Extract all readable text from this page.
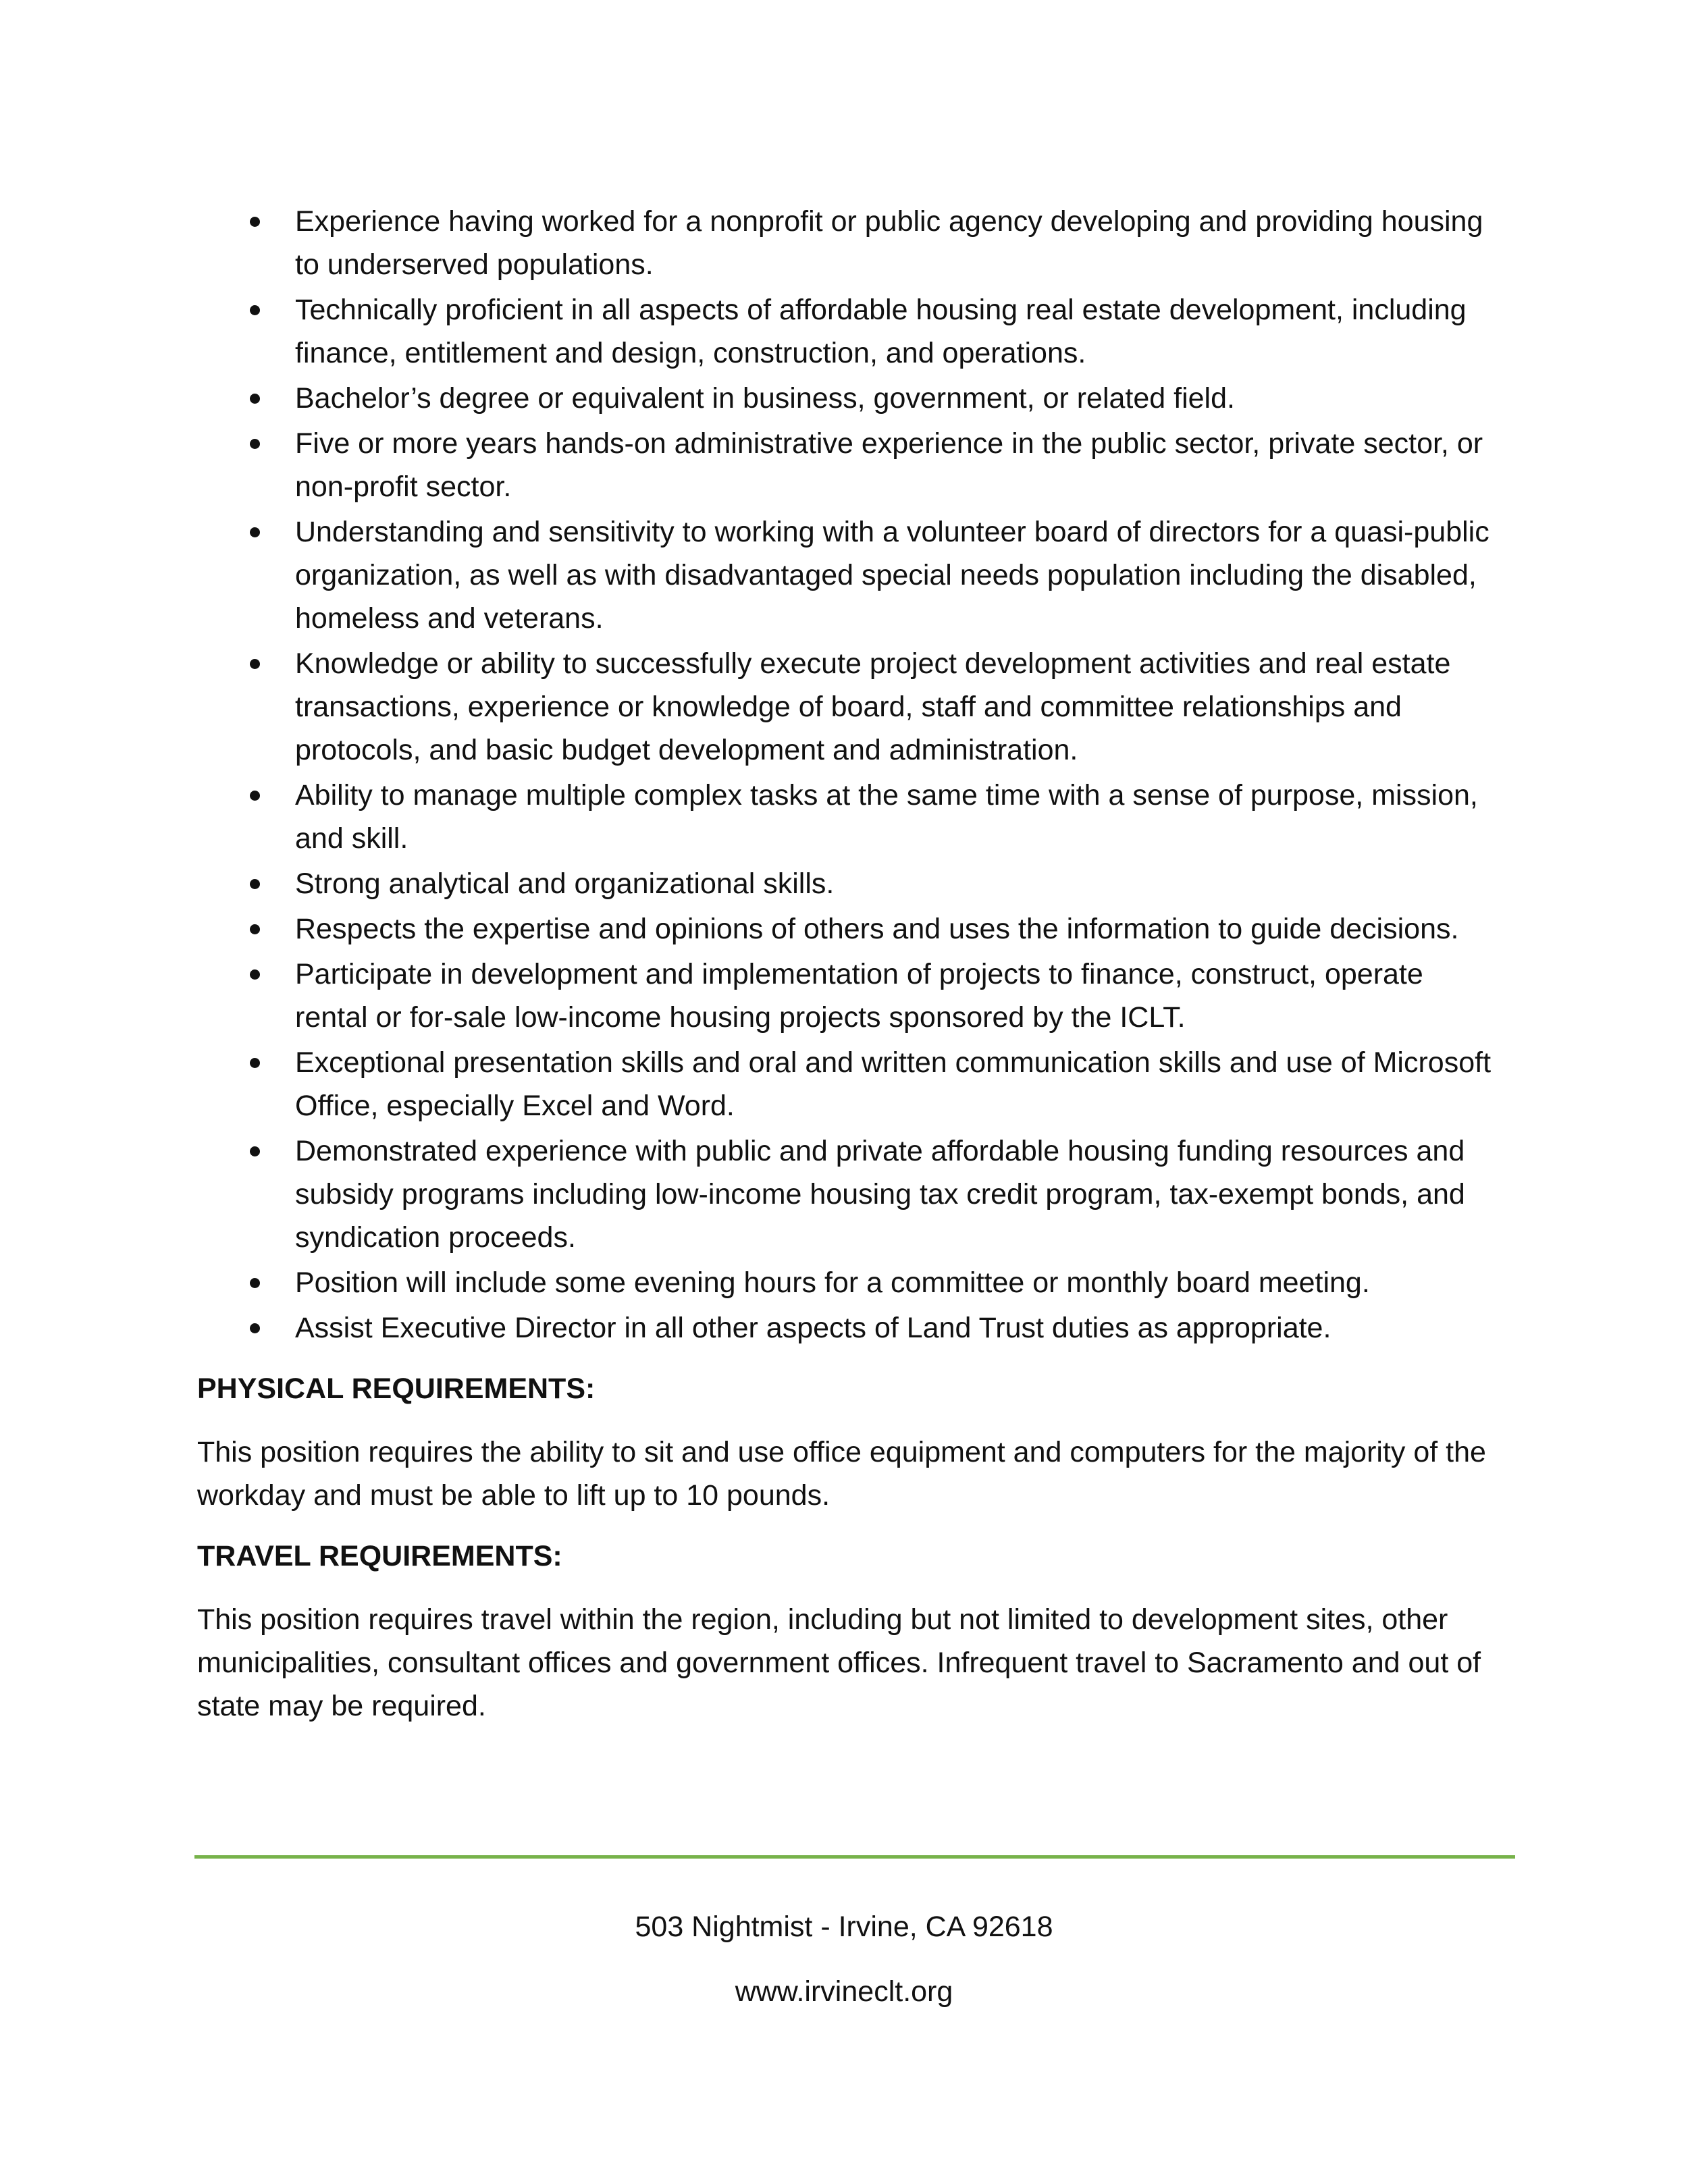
Experience having worked for a nonprofit or public agency developing and providing housing to underserved populations.
Technically proficient in all aspects of affordable housing real estate development, including finance, entitlement and design, construction, and operations.
Bachelor’s degree or equivalent in business, government, or related field.
Five or more years hands-on administrative experience in the public sector, private sector, or non-profit sector.
Understanding and sensitivity to working with a volunteer board of directors for a quasi-public organization, as well as with disadvantaged special needs population including the disabled, homeless and veterans.
Knowledge or ability to successfully execute project development activities and real estate transactions, experience or knowledge of board, staff and committee relationships and protocols, and basic budget development and administration.
Ability to manage multiple complex tasks at the same time with a sense of purpose, mission, and skill.
Strong analytical and organizational skills.
Respects the expertise and opinions of others and uses the information to guide decisions.
Participate in development and implementation of projects to finance, construct, operate rental or for-sale low-income housing projects sponsored by the ICLT.
Exceptional presentation skills and oral and written communication skills and use of Microsoft Office, especially Excel and Word.
Demonstrated experience with public and private affordable housing funding resources and subsidy programs including low-income housing tax credit program, tax-exempt bonds, and syndication proceeds.
Position will include some evening hours for a committee or monthly board meeting.
Assist Executive Director in all other aspects of Land Trust duties as appropriate.
PHYSICAL REQUIREMENTS:
This position requires the ability to sit and use office equipment and computers for the majority of the workday and must be able to lift up to 10 pounds.
TRAVEL REQUIREMENTS:
This position requires travel within the region, including but not limited to development sites, other municipalities, consultant offices and government offices. Infrequent travel to Sacramento and out of state may be required.
503 Nightmist - Irvine, CA 92618
www.irvineclt.org
